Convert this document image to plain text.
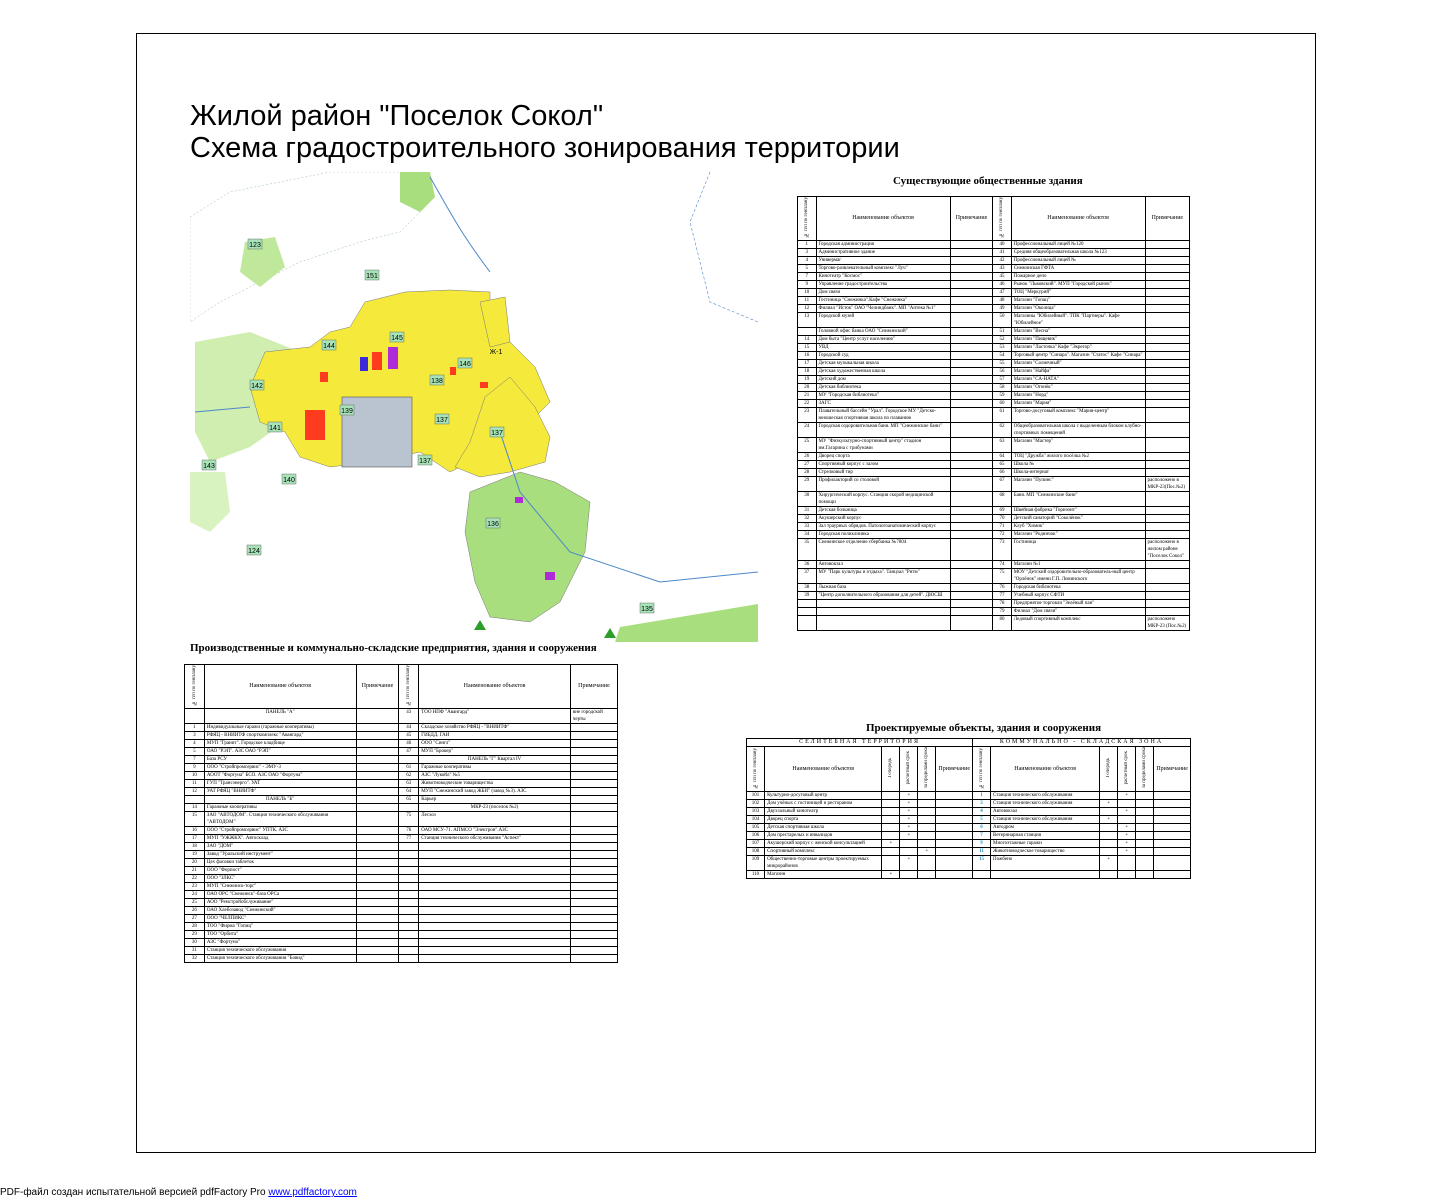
Жилой район "Поселок Сокол"
Схема градостроительного зонирования территории
123
151
144
142
141
140
139
138
137
137
137
136
135
143
124
145
146
Ж-1
Существующие общественные здания
№ п/п по генплану	Наименование объектов	Примечание	№ п/п по генплану	Наименование объектов	Примечание
1	Городская администрация		40	Профессиональный лицей №120	
3	Административное здание		41	Средняя общеобразовательная школа №123	
4	Универмаг		42	Профессиональный лицей №	
5	Торгово-развлекательный комплекс "Луч"		43	Снежинская ГФТА	
7	Кинотеатр "Космос"		45	Пожарное депо	
9	Управление градостроительства		46	Рынок "Львовский". МУП "Городской рынок"	
10	Дом связи		47	ТОЦ "Меркурий"	
11	Гостиница "Снежинка".Кафе "Снежинка"		48	Магазин "Гопац"	
12	Филиал "Исток" ОАО "Челиндбанк". МП "Аптека №1"		49	Магазин "Околица"	
13	Городской музей		50	Магазины "Юбилейный". ТПК "Партнеры". Кафе "Юбилейное"	
	Головной офис банка ОАО "Снежинский"		51	Магазин "Весна"	
14	Дом быта "Центр услуг населению"		52	Магазин "Пищевик"	
15	УВД		53	Магазин "Ласточка" Кафе "Экрегор"	
16	Городской суд		54	Торговый центр "Синара". Магазин "Статос" Кафе "Синара"	
17	Детская музыкальная школа		55	Магазин "Солнечный"	
18	Детская художественная школа		56	Магазин "Найфа"	
19	Детский дом		57	Магазин "СА-НАТА"	
20	Детская библиотека		58	Магазин "Огонёк"	
21	МУ "Городская библиотека"		59	Магазин "Норд"	
22	ЗАГС		60	Магазин "Мария"	
23	Плавательный бассейн "Урал". Городское МУ "Детско-юношеская спортивная школа по плаванию		61	Торгово-досуговый комплекс "Мария-центр"	
24	Городская оздоровительная баня. МП "Снежинские бани"		62	Общеобразовательная школа с выделенным блоком клубно-спортивных помещений	
25	МУ "Физкультурно-спортивный центр" стадион им.Гагарина с трибунами		63	Магазин "Мастер"	
26	Дворец спорта		64	ТОЦ "Дружба" жилого посёлка №2	
27	Спортивный корпус с залом		65	Школа №	
28	Стрелковый тир		66	Школа-интернат	
29	Профилакторий со столовой		67	Магазин "Пупинс"	расположено в МКР-23(Пос.№2)
30	Хирургический корпус. Станция скорой медицинской помощи		68	Баня. МП "Снежинские бани"	
31	Детская больница		69	Швейная фабрика "Горизонт"	
32	Акушерский корпус		70	Детский санаторий "Соколёнок"	
33	Зал траурных обрядов. Патологоанатомический корпус		71	Клуб "Химик"	
34	Городская поликлиника		72	Магазин "Родничок"	
35	Снежинское отделение сбербанка №7804		73	Гостиница	расположено в жилом районе "Поселок Сокол"
36	Автовокзал		74	Магазин №1	
37	МУ "Парк культуры и отдыха". Танцзал "Ритм"		75	МОУ "Детский оздоровительно-образователь-ный центр "Орлёнок" имени Г.П. Ломинского	
38	Лыжная база		76	Городская библиотека	
39	"Центр дополнительного образования для детей". ДЮСШ		77	Учебный корпус СФТИ	
			78	Предприятие торговли "Зелёный пан"	
			79	Филиал "Дом связи"	
			80	Ледовый спортивный комплекс	расположено МКР-23 (Пос.№2)
Производственные и коммунально-складские предприятия, здания и сооружения
№ п/п по генплану	Наименование объектов	Примечание	№ п/п по генплану	Наименование объектов	Примечание
	ПАНЕЛЬ "А"		43	ТОО НПФ "Авангард"	вне городской черты
1	Индивидуальные гаражи (гаражные кооперативы)		44	Складское хозяйство РФЯЦ - "ВНИИТФ"	
3	РФЯЦ - ВНИИТФ спорткомплекс "Авангард"		45	ГИБДД. ГАИ	
4	МУП "Гранит". Городское кладбище		46	ООО "Сингл"	
5	ОАО "РЭП". АЗС ОАО "РЭП"		47	МУП "Брокер"	
7	База РСУ			ПАНЕЛЬ "Г" Квартал IV	
9	ООО "Стройпромсервис" - ЭМУ-3		61	Гаражные кооперативы	
10	АООТ "Фортуна" БСО. АЗС ОАО "Фортуна"		62	АЗС "Лукойл" №5	
11	ГУП "Трансэнерго". УАТ		63	Животноводческие товарищества	
12	УАТ РФЯЦ "ВНИИТФ"		64	МУП "Снежинский завод ЖБИ" (завод №3). АЗС	
	ПАНЕЛЬ "Б"		65	Карьер	
14	Гаражные кооперативы			МКР-23 (поселок №2)	
15	ЗАО "АВТОДОМ". Станция технического обслуживания "АВТОДОМ"		75	Лесхоз	
16	ООО "Стройпромсервис" УПТК. АЗС		76	ОАО МСУ-71. АПМСО "Электрон".АЗС	
17	МУП "УЖЖКХ". Автосклад		77	Станция технического обслуживания "Аспект"	
18	ЗАО "ДОМ"				
19	Завод "Уральский инструмент"				
20	Цех фасовки таблеток				
21	ООО "Форпост"				
22	ООО "ЗЛКС"				
23	МУП "Снежинск-торг"				
24	ОАО ОРС "Снежинск"-база ОРСа				
25	АОО "Ремстройобслуживание"				
26	ОАО Хлебозавод "Снежинский"				
27	ООО "ЧЕЛПИКС"				
28	ТОО "Фирма "Гопиц"				
29	ТОО "Орбита"				
30	АЗС "Фортуна"				
31	Станция технического обслуживания				
32	Станция технического обслуживания "Бовид"				
Проектируемые объекты, здания и сооружения
СЕЛИТЕБНАЯ ТЕРРИТОРИЯ						КОММУНАЛЬНО - СКЛАДСКАЯ ЗОНА					
№ п/п по генплану	Наименование объектов	I очередь	расчетный срок	за пределами срока	Примечание	№ п/п по генплану	Наименование объектов	I очередь	расчетный срок	за пределами срока	Примечание
101	Культурно-досуговый центр		+			1	Станция технического обслуживания		+		
102	Дом учёных с гостиницей и рестораном		+			3	Станция технического обслуживания	+			
103	Двухзальный кинотеатр		+			4	Автовокзал		+		
104	Дворец спорта		+			5	Станция технического обслуживания	+			
105	Детская спортивная школа		+			6	Автодром		+		
106	Дом престарелых и инвалидов		+			7	Ветеринарная станция		+		
107	Акушерский корпус с женской консультацией	+				9	Многоэтажные гаражи		+		
108	Спортивный комплекс			+		11	Животноводческое товарищество		+		
109	Общественно-торговые центры проектируемых микрорайонов		+			15	Пожбено	+			
110	Магазин	+									
PDF-файл создан испытательной версией pdfFactory Pro www.pdffactory.com
